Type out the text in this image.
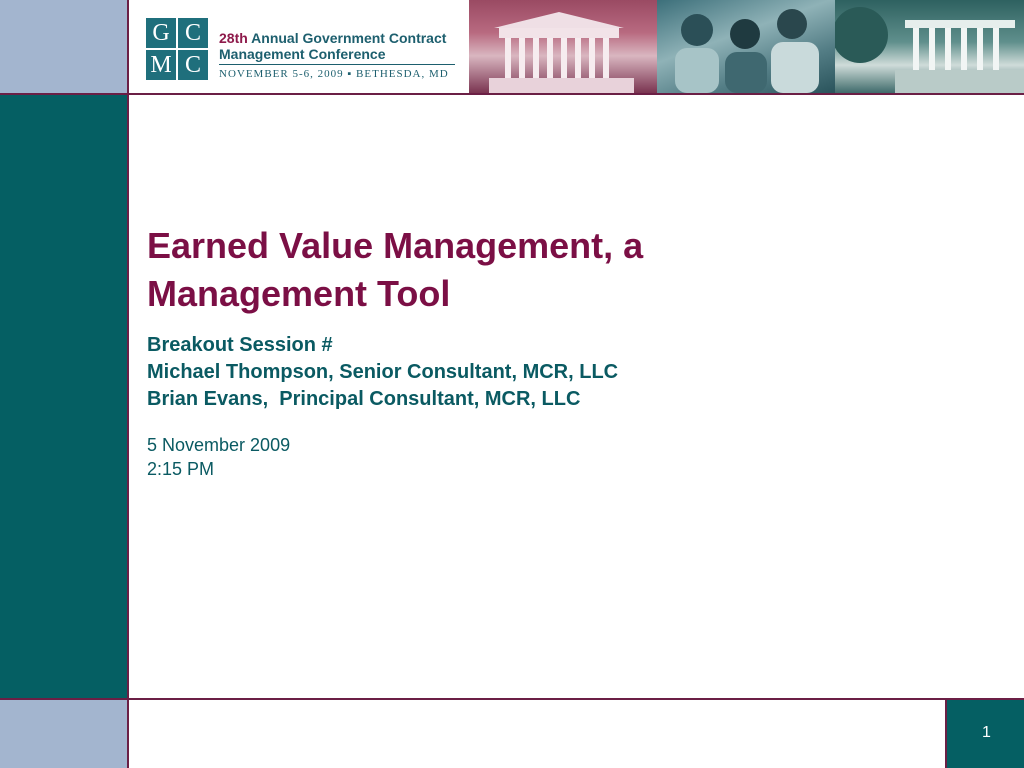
G C
M C
28th Annual Government Contract
Management Conference
NOVEMBER 5-6, 2009 ▪ BETHESDA, MD
Earned Value Management, a Management Tool
Breakout Session #
Michael Thompson, Senior Consultant, MCR, LLC
Brian Evans,  Principal Consultant, MCR, LLC
5 November 2009
2:15 PM
1
